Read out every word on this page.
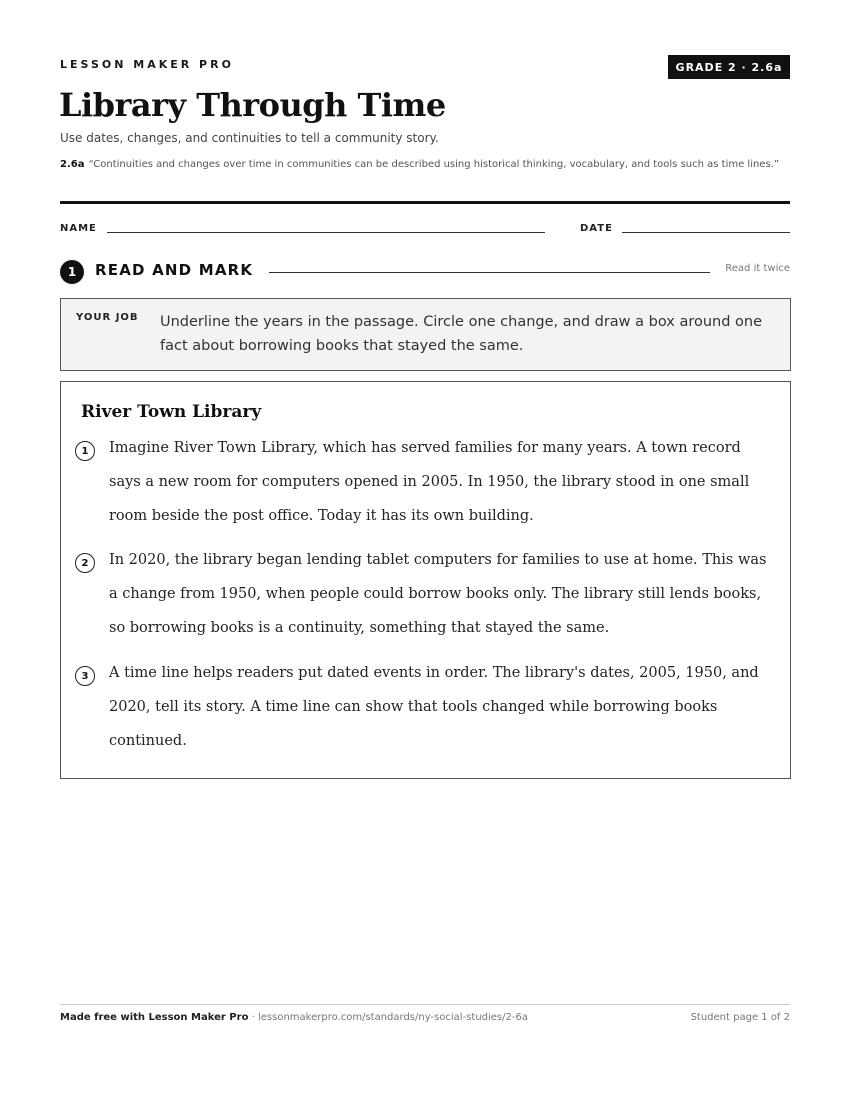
LESSON MAKER PRO	GRADE 2 · 2.6a
Library Through Time
Use dates, changes, and continuities to tell a community story.
2.6a “Continuities and changes over time in communities can be described using historical thinking, vocabulary, and tools such as time lines.”
NAME	DATE
1	READ AND MARK	Read it twice
YOUR JOB Underline the years in the passage. Circle one change, and draw a box around one fact about borrowing books that stayed the same.
River Town Library
1	Imagine River Town Library, which has served families for many years. A town record says a new room for computers opened in 2005. In 1950, the library stood in one small room beside the post office. Today it has its own building.
2	In 2020, the library began lending tablet computers for families to use at home. This was a change from 1950, when people could borrow books only. The library still lends books, so borrowing books is a continuity, something that stayed the same.
3	A time line helps readers put dated events in order. The library's dates, 2005, 1950, and 2020, tell its story. A time line can show that tools changed while borrowing books continued.
Made free with Lesson Maker Pro · lessonmakerpro.com/standards/ny-social-studies/2-6a	Student page 1 of 2
